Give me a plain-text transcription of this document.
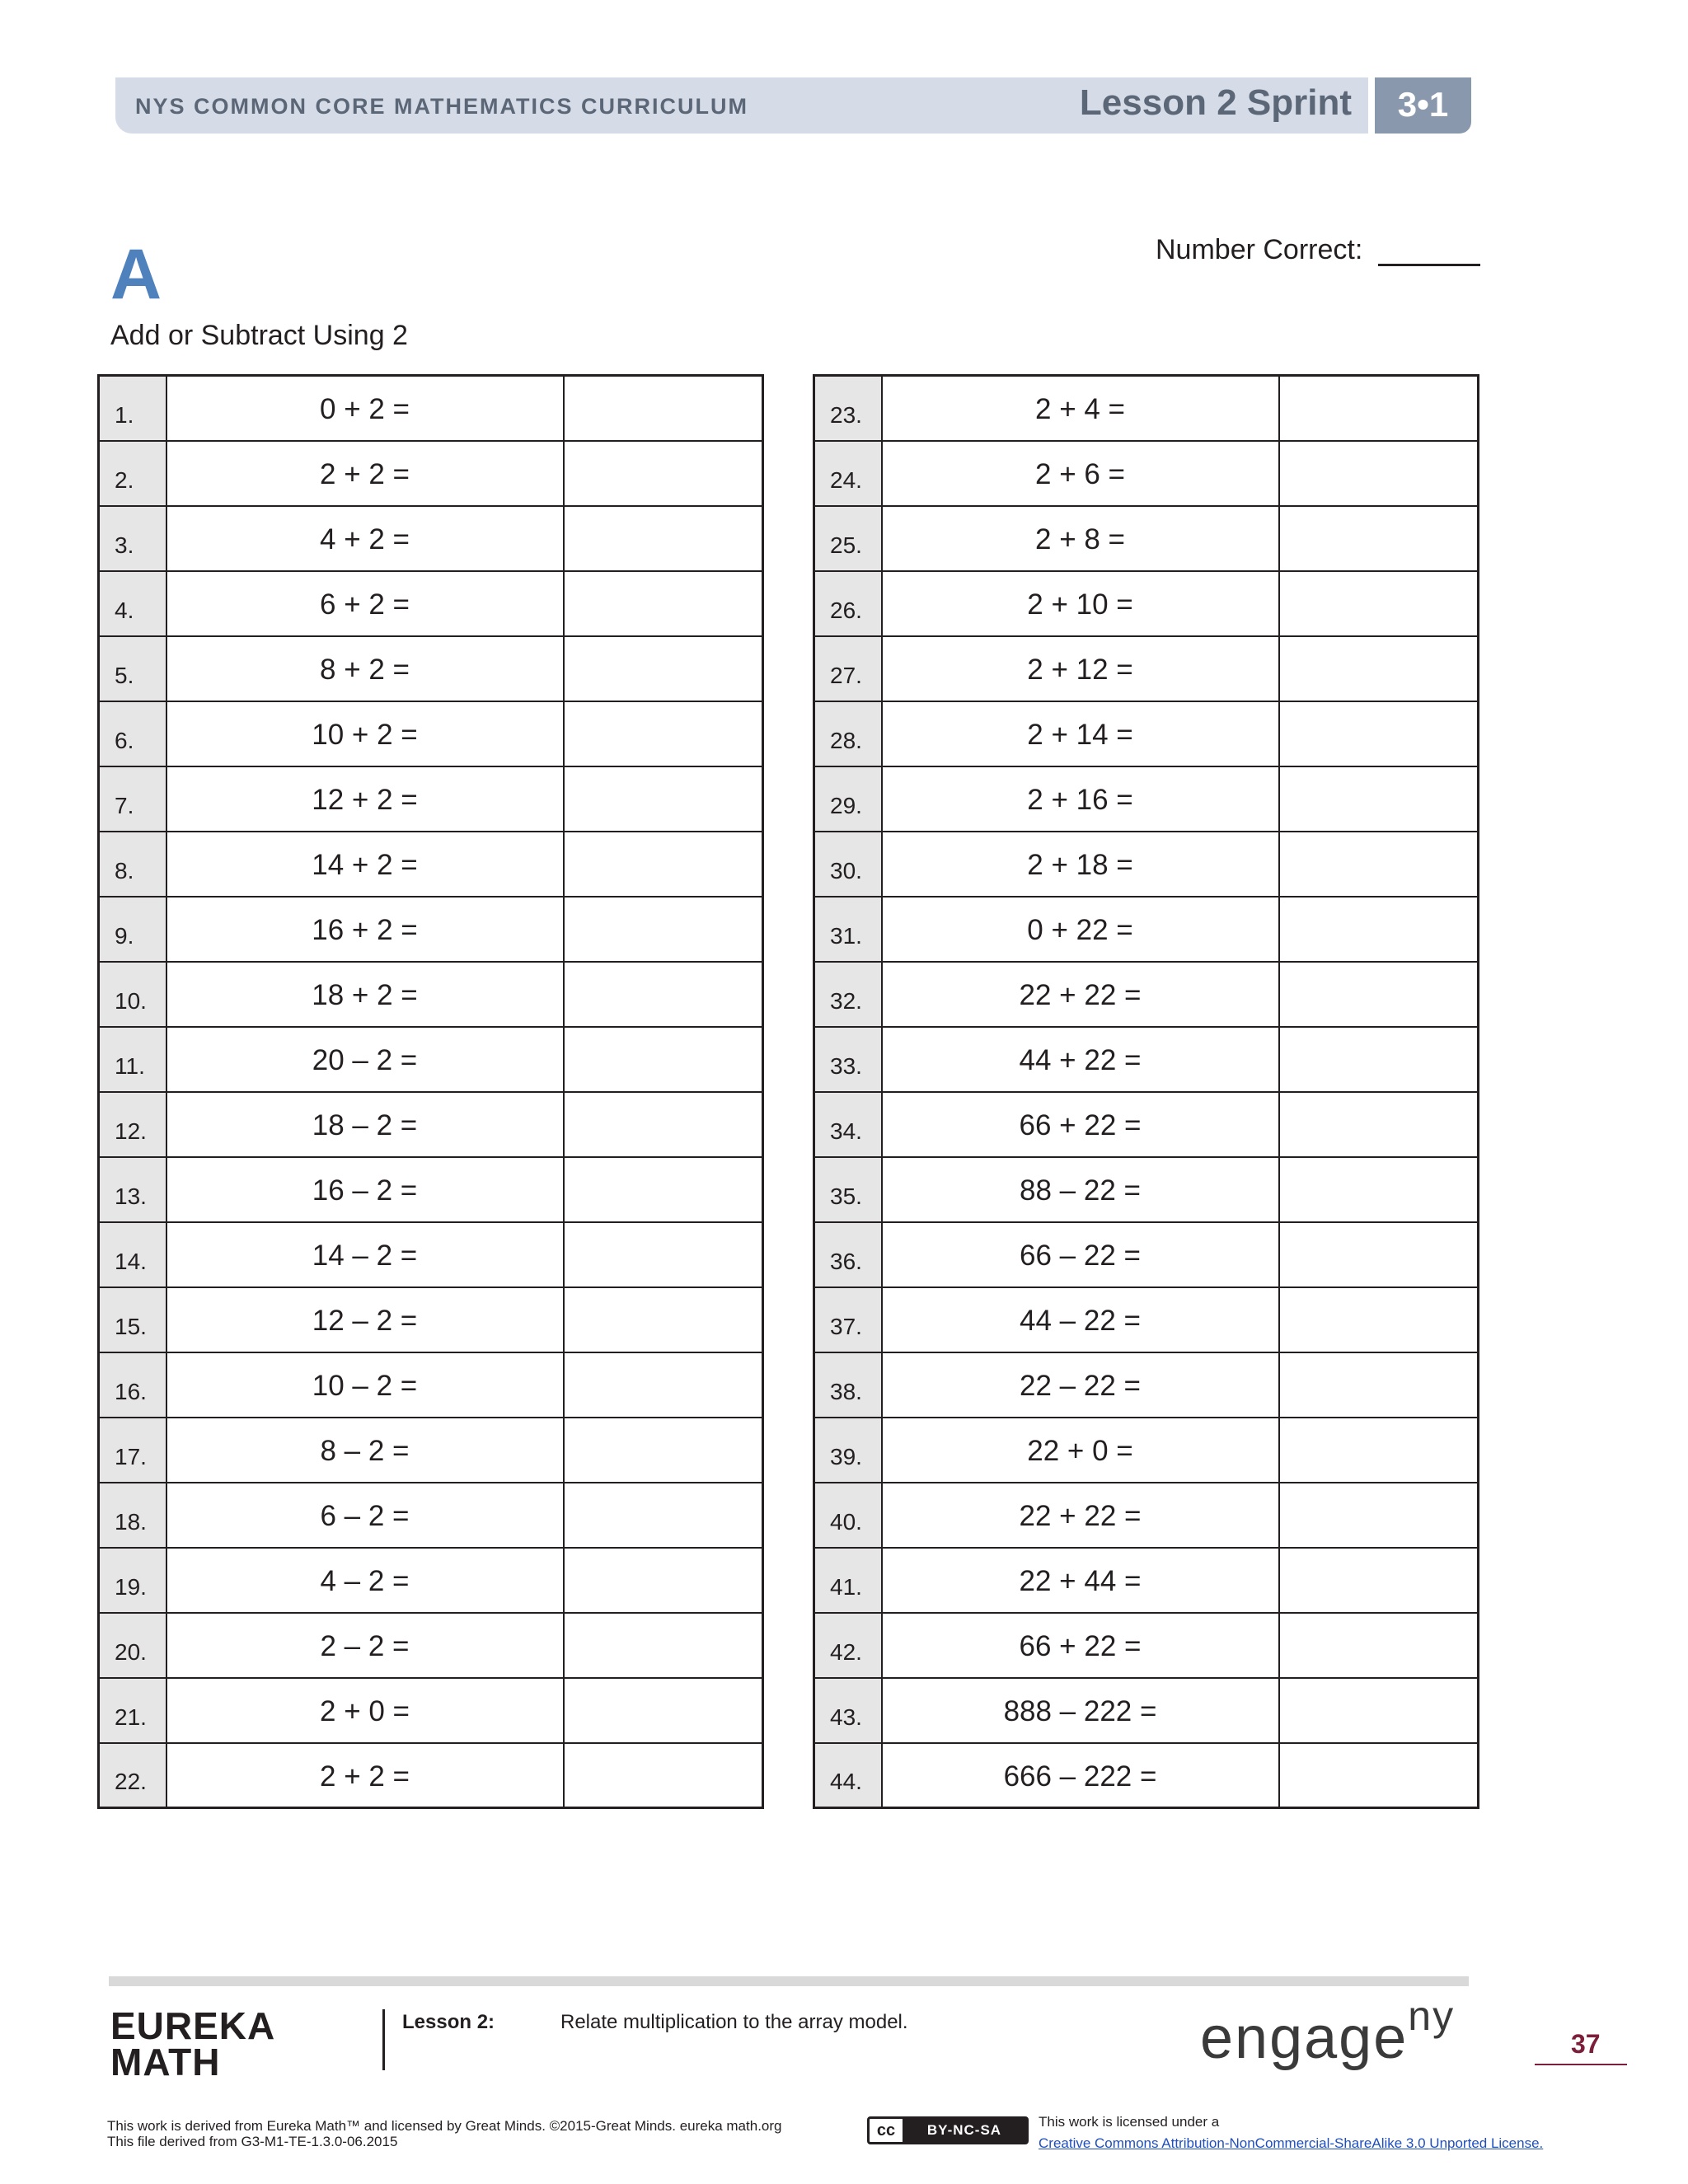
NYS COMMON CORE MATHEMATICS CURRICULUM	Lesson 2 Sprint	3•1
A
Add or Subtract Using 2
Number Correct:
1.	0 + 2 =	
2.	2 + 2 =	
3.	4 + 2 =	
4.	6 + 2 =	
5.	8 + 2 =	
6.	10 + 2 =	
7.	12 + 2 =	
8.	14 + 2 =	
9.	16 + 2 =	
10.	18 + 2 =	
11.	20 – 2 =	
12.	18 – 2 =	
13.	16 – 2 =	
14.	14 – 2 =	
15.	12 – 2 =	
16.	10 – 2 =	
17.	8 – 2 =	
18.	6 – 2 =	
19.	4 – 2 =	
20.	2 – 2 =	
21.	2 + 0 =	
22.	2 + 2 =	
23.	2 + 4 =	
24.	2 + 6 =	
25.	2 + 8 =	
26.	2 + 10 =	
27.	2 + 12 =	
28.	2 + 14 =	
29.	2 + 16 =	
30.	2 + 18 =	
31.	0 + 22 =	
32.	22 + 22 =	
33.	44 + 22 =	
34.	66 + 22 =	
35.	88 – 22 =	
36.	66 – 22 =	
37.	44 – 22 =	
38.	22 – 22 =	
39.	22 + 0 =	
40.	22 + 22 =	
41.	22 + 44 =	
42.	66 + 22 =	
43.	888 – 222 =	
44.	666 – 222 =	
EUREKA
MATH
Lesson 2:	Relate multiplication to the array model.	engage$^{ny}$
37
This work is derived from Eureka Math™ and licensed by Great Minds. ©2015-Great Minds. eureka math.org
This file derived from G3-M1-TE-1.3.0-06.2015
cc	BY-NC-SA
This work is licensed under a
Creative Commons Attribution-NonCommercial-ShareAlike 3.0 Unported License.
